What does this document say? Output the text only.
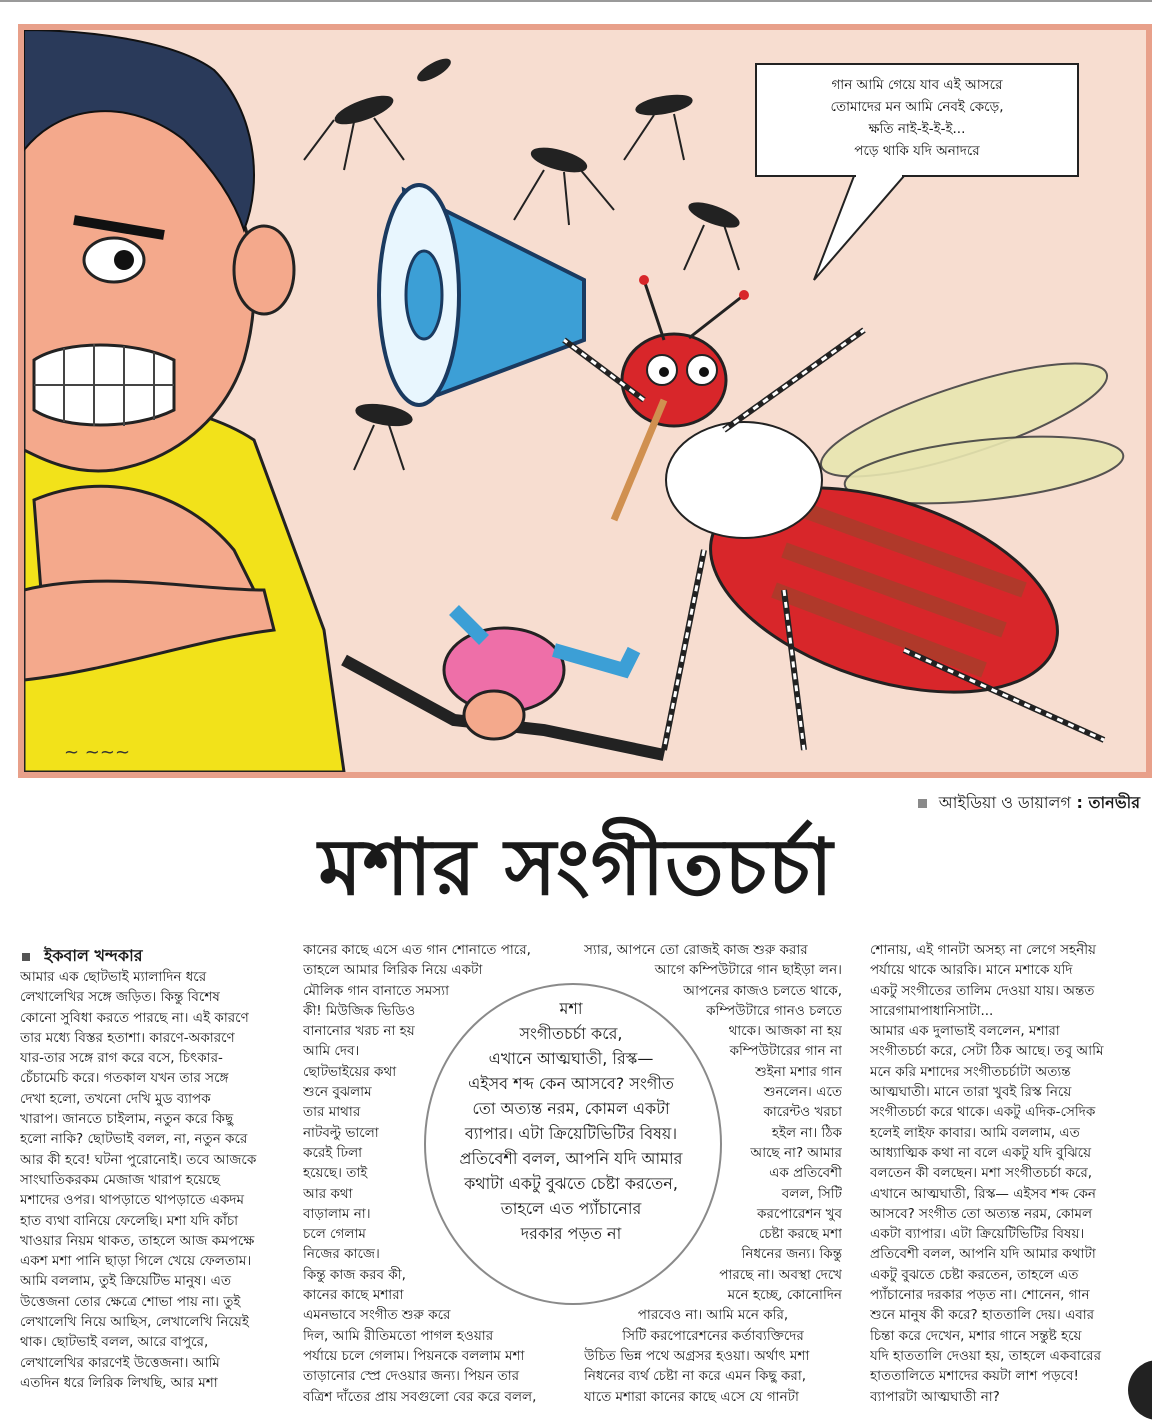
~ ~~~
গান আমি গেয়ে যাব এই আসরে
তোমাদের মন আমি নেবই কেড়ে,
ক্ষতি নাই-ই-ই-ই...
পড়ে থাকি যদি অনাদরে
আইডিয়া ও ডায়ালগ : তানভীর
মশার সংগীতচর্চা
ইকবাল খন্দকার

আমার এক ছোটভাই ম্যালাদিন ধরে

লেখালেখির সঙ্গে জড়িত। কিন্তু বিশেষ

কোনো সুবিধা করতে পারছে না। এই কারণে

তার মধ্যে বিস্তর হতাশা। কারণে-অকারণে

যার-তার সঙ্গে রাগ করে বসে, চিৎকার-

চেঁচামেচি করে। গতকাল যখন তার সঙ্গে

দেখা হলো, তখনো দেখি মুড ব্যাপক

খারাপ। জানতে চাইলাম, নতুন করে কিছু

হলো নাকি? ছোটভাই বলল, না, নতুন করে

আর কী হবে! ঘটনা পুরোনোই। তবে আজকে

সাংঘাতিকরকম মেজাজ খারাপ হয়েছে

মশাদের ওপর। থাপড়াতে থাপড়াতে একদম

হাত ব্যথা বানিয়ে ফেলেছি। মশা যদি কাঁচা

খাওয়ার নিয়ম থাকত, তাহলে আজ কমপক্ষে

একশ মশা পানি ছাড়া গিলে খেয়ে ফেলতাম।

আমি বললাম, তুই ক্রিয়েটিভ মানুষ। এত

উত্তেজনা তোর ক্ষেত্রে শোভা পায় না। তুই

লেখালেখি নিয়ে আছিস, লেখালেখি নিয়েই

থাক। ছোটভাই বলল, আরে বাপুরে,

লেখালেখির কারণেই উত্তেজনা। আমি

এতদিন ধরে লিরিক লিখছি, আর মশা

কানের কাছে এসে এত গান শোনাতে পারে,

তাহলে আমার লিরিক নিয়ে একটা

মৌলিক গান বানাতে সমস্যা

কী! মিউজিক ভিডিও

বানানোর খরচ না হয়

আমি দেব।

ছোটভাইয়ের কথা

শুনে বুঝলাম

তার মাথার

নাটবল্টু ভালো

করেই ঢিলা

হয়েছে। তাই

আর কথা

বাড়ালাম না।

চলে গেলাম

নিজের কাজে।

কিন্তু কাজ করব কী,

কানের কাছে মশারা

এমনভাবে সংগীত শুরু করে

দিল, আমি রীতিমতো পাগল হওয়ার

পর্যায়ে চলে গেলাম। পিয়নকে বললাম মশা

তাড়ানোর স্প্রে দেওয়ার জন্য। পিয়ন তার

বত্রিশ দাঁতের প্রায় সবগুলো বের করে বলল,

স্যার, আপনে তো রোজই কাজ শুরু করার

আগে কম্পিউটারে গান ছাইড়া লন।

আপনের কাজও চলতে থাকে,

কম্পিউটারে গানও চলতে

থাকে। আজকা না হয়

কম্পিউটারের গান না

শুইনা মশার গান

শুনলেন। এতে

কারেন্টও খরচা

হইল না। ঠিক

আছে না? আমার

এক প্রতিবেশী

বলল, সিটি

করপোরেশন খুব

চেষ্টা করছে মশা

নিধনের জন্য। কিন্তু

পারছে না। অবস্থা দেখে

মনে হচ্ছে, কোনোদিন

পারবেও না। আমি মনে করি,

সিটি করপোরেশনের কর্তাব্যক্তিদের

উচিত ভিন্ন পথে অগ্রসর হওয়া। অর্থাৎ মশা

নিধনের ব্যর্থ চেষ্টা না করে এমন কিছু করা,

যাতে মশারা কানের কাছে এসে যে গানটা

শোনায়, এই গানটা অসহ্য না লেগে সহনীয়

পর্যায়ে থাকে আরকি। মানে মশাকে যদি

একটু সংগীতের তালিম দেওয়া যায়। অন্তত

সারেগামাপাধানিসাটা...

আমার এক দুলাভাই বললেন, মশারা

সংগীতচর্চা করে, সেটা ঠিক আছে। তবু আমি

মনে করি মশাদের সংগীতচর্চাটা অত্যন্ত

আত্মঘাতী। মানে তারা খুবই রিস্ক নিয়ে

সংগীতচর্চা করে থাকে। একটু এদিক-সেদিক

হলেই লাইফ কাবার। আমি বললাম, এত

আধ্যাত্মিক কথা না বলে একটু যদি বুঝিয়ে

বলতেন কী বলছেন। মশা সংগীতচর্চা করে,

এখানে আত্মঘাতী, রিস্ক— এইসব শব্দ কেন

আসবে? সংগীত তো অত্যন্ত নরম, কোমল

একটা ব্যাপার। এটা ক্রিয়েটিভিটির বিষয়।

প্রতিবেশী বলল, আপনি যদি আমার কথাটা

একটু বুঝতে চেষ্টা করতেন, তাহলে এত

প্যাঁচানোর দরকার পড়ত না। শোনেন, গান

শুনে মানুষ কী করে? হাততালি দেয়। এবার

চিন্তা করে দেখেন, মশার গানে সন্তুষ্ট হয়ে

যদি হাততালি দেওয়া হয়, তাহলে একবারের

হাততালিতে মশাদের কয়টা লাশ পড়বে!

ব্যাপারটা আত্মঘাতী না?

মশা

সংগীতচর্চা করে,

এখানে আত্মঘাতী, রিস্ক—

এইসব শব্দ কেন আসবে? সংগীত

তো অত্যন্ত নরম, কোমল একটা

ব্যাপার। এটা ক্রিয়েটিভিটির বিষয়।

প্রতিবেশী বলল, আপনি যদি আমার

কথাটা একটু বুঝতে চেষ্টা করতেন,

তাহলে এত প্যাঁচানোর

দরকার পড়ত না
